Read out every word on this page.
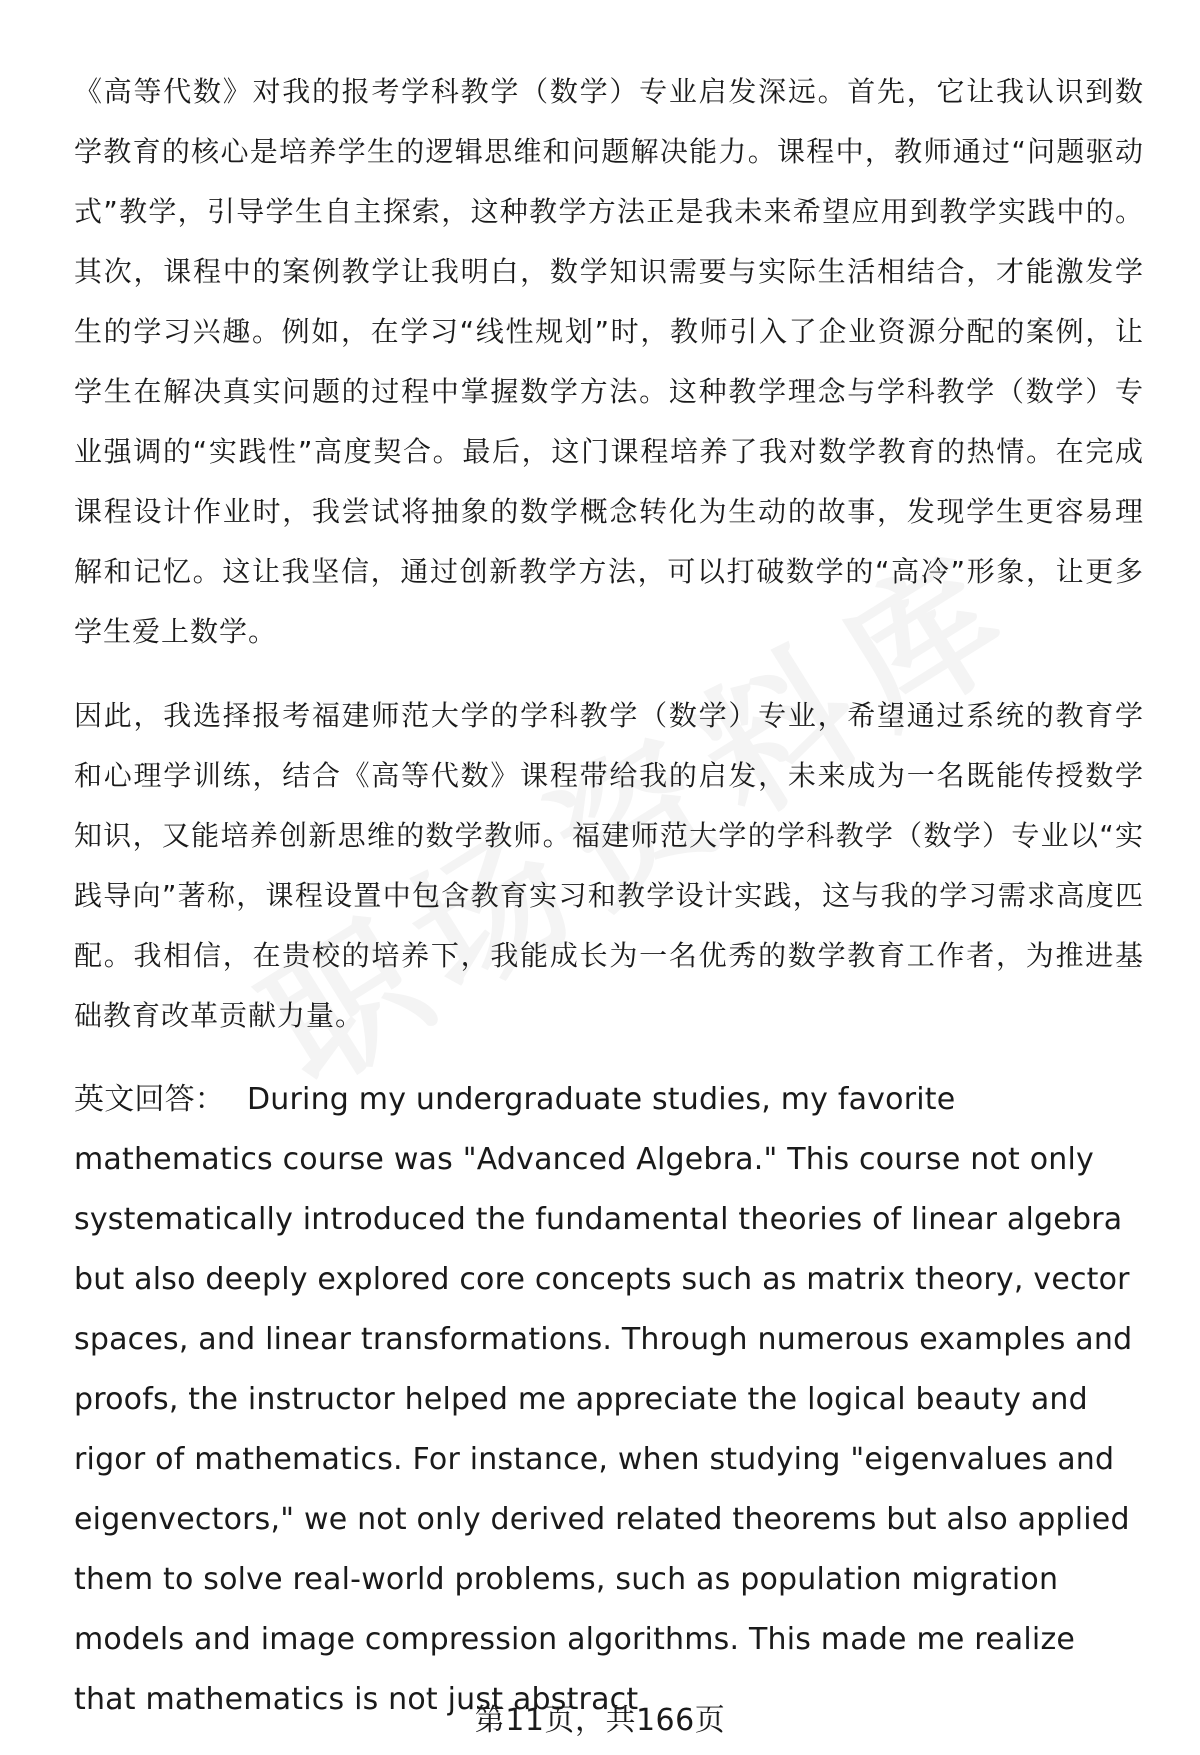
《高等代数》对我的报考学科教学（数学）专业启发深远。首先，它让我认识到数学教育的核心是培养学生的逻辑思维和问题解决能力。课程中，教师通过“问题驱动式”教学，引导学生自主探索，这种教学方法正是我未来希望应用到教学实践中的。其次，课程中的案例教学让我明白，数学知识需要与实际生活相结合，才能激发学生的学习兴趣。例如，在学习“线性规划”时，教师引入了企业资源分配的案例，让学生在解决真实问题的过程中掌握数学方法。这种教学理念与学科教学（数学）专业强调的“实践性”高度契合。最后，这门课程培养了我对数学教育的热情。在完成课程设计作业时，我尝试将抽象的数学概念转化为生动的故事，发现学生更容易理解和记忆。这让我坚信，通过创新教学方法，可以打破数学的“高冷”形象，让更多学生爱上数学。

因此，我选择报考福建师范大学的学科教学（数学）专业，希望通过系统的教育学和心理学训练，结合《高等代数》课程带给我的启发，未来成为一名既能传授数学知识，又能培养创新思维的数学教师。福建师范大学的学科教学（数学）专业以“实践导向”著称，课程设置中包含教育实习和教学设计实践，这与我的学习需求高度匹配。我相信，在贵校的培养下，我能成长为一名优秀的数学教育工作者，为推进基础教育改革贡献力量。

英文回答： During my undergraduate studies, my favorite mathematics course was "Advanced Algebra." This course not only systematically introduced the fundamental theories of linear algebra but also deeply explored core concepts such as matrix theory, vector spaces, and linear transformations. Through numerous examples and proofs, the instructor helped me appreciate the logical beauty and rigor of mathematics. For instance, when studying "eigenvalues and eigenvectors," we not only derived related theorems but also applied them to solve real-world problems, such as population migration models and image compression algorithms. This made me realize that mathematics is not just abstract

第11页，共166页
